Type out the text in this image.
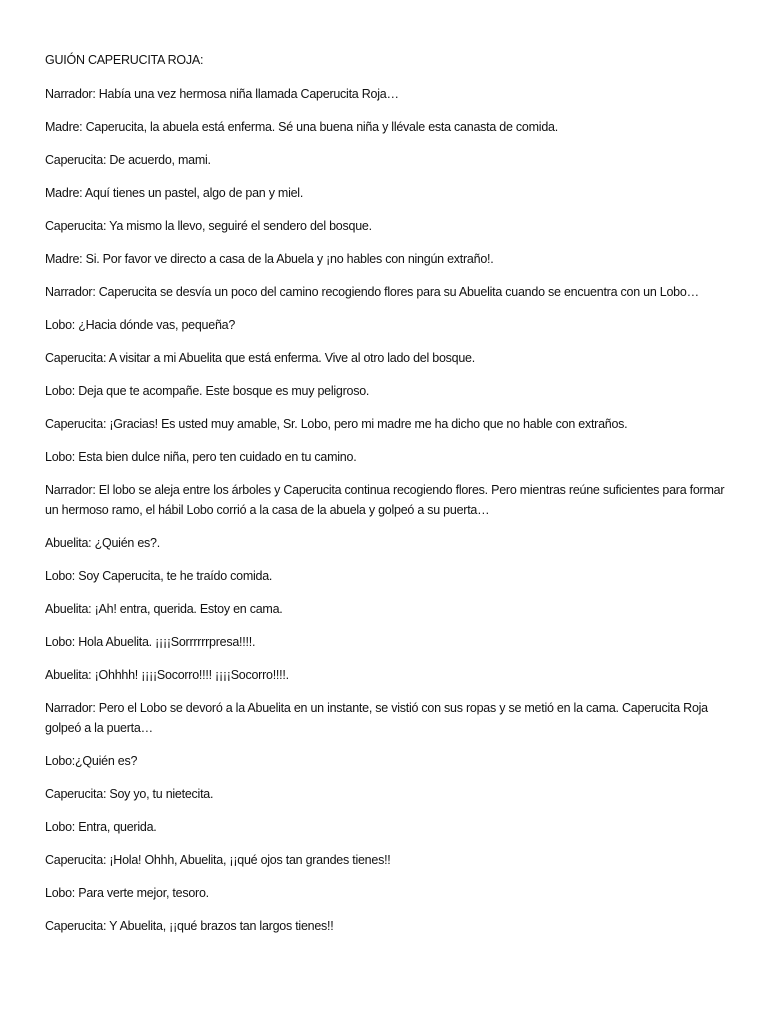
GUIÓN CAPERUCITA ROJA:
Narrador: Había una vez hermosa niña llamada Caperucita Roja…
Madre: Caperucita, la abuela está enferma. Sé una buena niña y llévale esta canasta de comida.
Caperucita: De acuerdo, mami.
Madre: Aquí tienes un pastel, algo de pan y miel.
Caperucita: Ya mismo la llevo, seguiré el sendero del bosque.
Madre: Si. Por favor ve directo a casa de la Abuela y ¡no hables con ningún extraño!.
Narrador: Caperucita se desvía un poco del camino recogiendo flores para su Abuelita cuando se encuentra con un Lobo…
Lobo: ¿Hacia dónde vas, pequeña?
Caperucita: A visitar a mi Abuelita que está enferma. Vive al otro lado del bosque.
Lobo: Deja que te acompañe. Este bosque es muy peligroso.
Caperucita: ¡Gracias! Es usted muy amable, Sr. Lobo, pero mi madre me ha dicho que no hable con extraños.
Lobo: Esta bien dulce niña, pero ten cuidado en tu camino.
Narrador: El lobo se aleja entre los árboles y Caperucita continua recogiendo flores. Pero mientras reúne suficientes para formar un hermoso ramo, el hábil Lobo corrió a la casa de la abuela y golpeó a su puerta…
Abuelita: ¿Quién es?.
Lobo: Soy Caperucita, te he traído comida.
Abuelita: ¡Ah! entra, querida. Estoy en cama.
Lobo: Hola Abuelita. ¡¡¡¡Sorrrrrrpresa!!!!.
Abuelita: ¡Ohhhh! ¡¡¡¡Socorro!!!! ¡¡¡¡Socorro!!!!.
Narrador: Pero el Lobo se devoró a la Abuelita en un instante, se vistió con sus ropas y se metió en la cama. Caperucita Roja golpeó a la puerta…
Lobo:¿Quién es?
Caperucita: Soy yo, tu nietecita.
Lobo: Entra, querida.
Caperucita: ¡Hola! Ohhh, Abuelita, ¡¡qué ojos tan grandes tienes!!
Lobo: Para verte mejor, tesoro.
Caperucita: Y Abuelita, ¡¡qué brazos tan largos tienes!!
